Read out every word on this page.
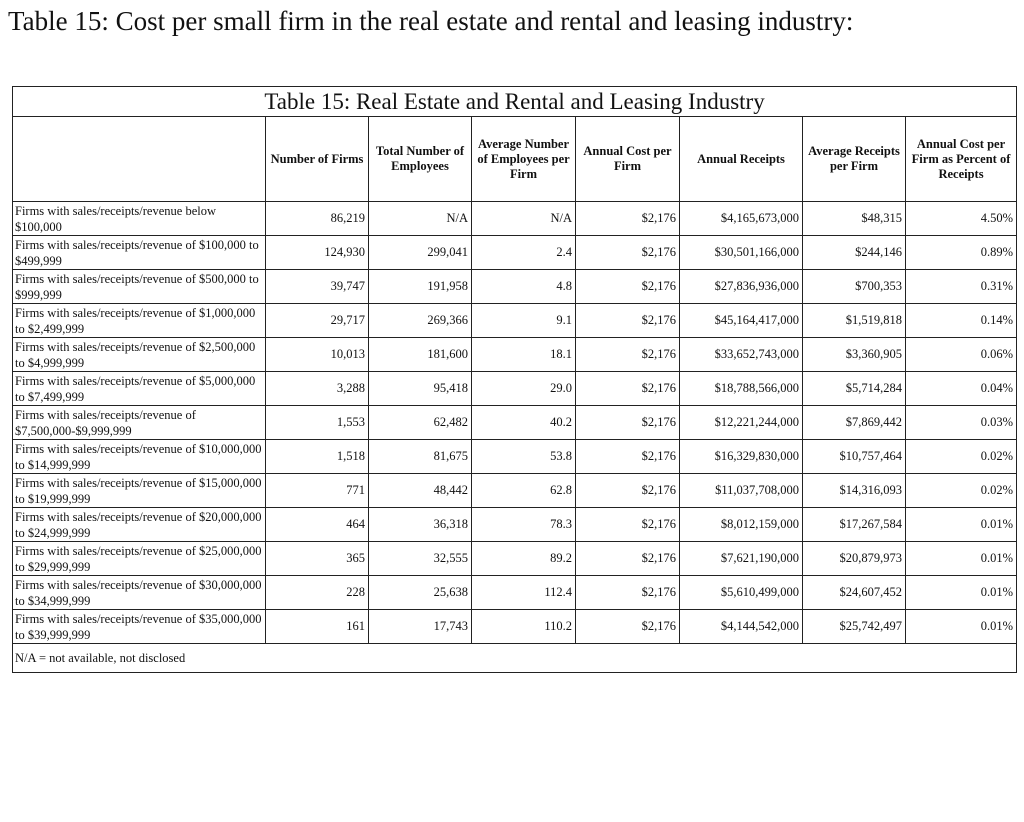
Table 15: Cost per small firm in the real estate and rental and leasing industry:
Table 15: Real Estate and Rental and Leasing Industry							
	Number of Firms	Total Number of Employees	Average Number of Employees per Firm	Annual Cost per Firm	Annual Receipts	Average Receipts per Firm	Annual Cost per Firm as Percent of Receipts
Firms with sales/receipts/revenue below $100,000	86,219	N/A	N/A	$2,176	$4,165,673,000	$48,315	4.50%
Firms with sales/receipts/revenue of $100,000 to $499,999	124,930	299,041	2.4	$2,176	$30,501,166,000	$244,146	0.89%
Firms with sales/receipts/revenue of $500,000 to $999,999	39,747	191,958	4.8	$2,176	$27,836,936,000	$700,353	0.31%
Firms with sales/receipts/revenue of $1,000,000 to $2,499,999	29,717	269,366	9.1	$2,176	$45,164,417,000	$1,519,818	0.14%
Firms with sales/receipts/revenue of $2,500,000 to $4,999,999	10,013	181,600	18.1	$2,176	$33,652,743,000	$3,360,905	0.06%
Firms with sales/receipts/revenue of $5,000,000 to $7,499,999	3,288	95,418	29.0	$2,176	$18,788,566,000	$5,714,284	0.04%
Firms with sales/receipts/revenue of $7,500,000-$9,999,999	1,553	62,482	40.2	$2,176	$12,221,244,000	$7,869,442	0.03%
Firms with sales/receipts/revenue of $10,000,000 to $14,999,999	1,518	81,675	53.8	$2,176	$16,329,830,000	$10,757,464	0.02%
Firms with sales/receipts/revenue of $15,000,000 to $19,999,999	771	48,442	62.8	$2,176	$11,037,708,000	$14,316,093	0.02%
Firms with sales/receipts/revenue of $20,000,000 to $24,999,999	464	36,318	78.3	$2,176	$8,012,159,000	$17,267,584	0.01%
Firms with sales/receipts/revenue of $25,000,000 to $29,999,999	365	32,555	89.2	$2,176	$7,621,190,000	$20,879,973	0.01%
Firms with sales/receipts/revenue of $30,000,000 to $34,999,999	228	25,638	112.4	$2,176	$5,610,499,000	$24,607,452	0.01%
Firms with sales/receipts/revenue of $35,000,000 to $39,999,999	161	17,743	110.2	$2,176	$4,144,542,000	$25,742,497	0.01%
N/A = not available, not disclosed							
